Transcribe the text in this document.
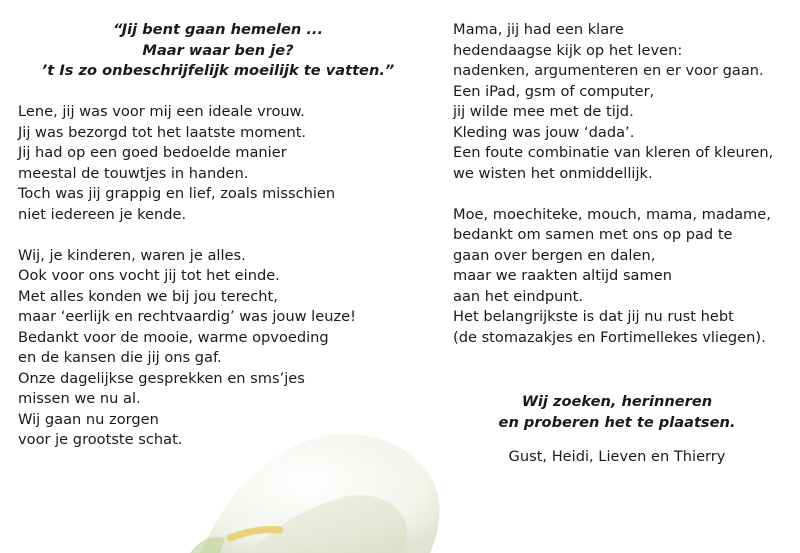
“Jij bent gaan hemelen ...
Maar waar ben je?
’t Is zo onbeschrijfelijk moeilijk te vatten.”
Lene, jij was voor mij een ideale vrouw.
Jij was bezorgd tot het laatste moment.
Jij had op een goed bedoelde manier
meestal de touwtjes in handen.
Toch was jij grappig en lief, zoals misschien
niet iedereen je kende.
Wij, je kinderen, waren je alles.
Ook voor ons vocht jij tot het einde.
Met alles konden we bij jou terecht,
maar ‘eerlijk en rechtvaardig’ was jouw leuze!
Bedankt voor de mooie, warme opvoeding
en de kansen die jij ons gaf.
Onze dagelijkse gesprekken en sms’jes
missen we nu al.
Wij gaan nu zorgen
voor je grootste schat.
Mama, jij had een klare
hedendaagse kijk op het leven:
nadenken, argumenteren en er voor gaan.
Een iPad, gsm of computer,
jij wilde mee met de tijd.
Kleding was jouw ‘dada’.
Een foute combinatie van kleren of kleuren,
we wisten het onmiddellijk.
Moe, moechiteke, mouch, mama, madame,
bedankt om samen met ons op pad te
gaan over bergen en dalen,
maar we raakten altijd samen
aan het eindpunt.
Het belangrijkste is dat jij nu rust hebt
(de stomazakjes en Fortimellekes vliegen).
Wij zoeken, herinneren
en proberen het te plaatsen.
Gust, Heidi, Lieven en Thierry
